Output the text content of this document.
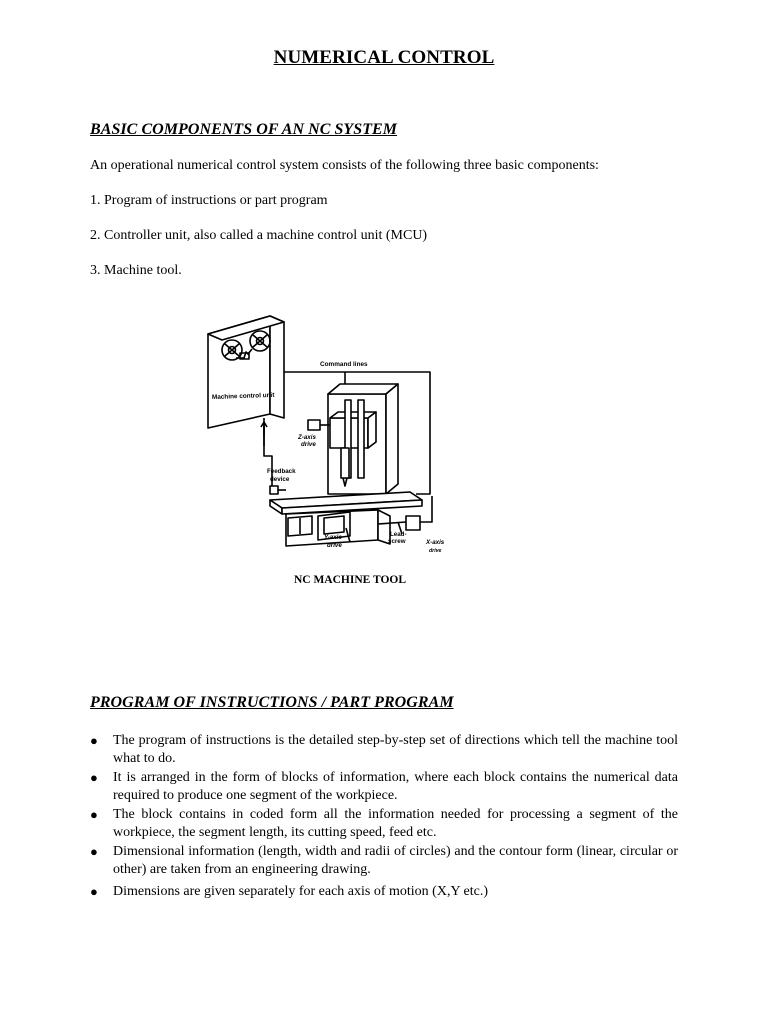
NUMERICAL CONTROL
BASIC COMPONENTS OF AN NC SYSTEM
An operational numerical control system consists of the following three basic components:
1. Program of instructions or part program
2. Controller unit, also called a machine control unit (MCU)
3. Machine tool.
Command lines
Machine control unit
Z-axis
drive
Feedback
device
Y-axis
drive
Lead-
screw	X-axis
drive
NC MACHINE TOOL
PROGRAM OF INSTRUCTIONS / PART PROGRAM
● The program of instructions is the detailed step-by-step set of directions which tell the machine tool what to do.
● It is arranged in the form of blocks of information, where each block contains the numerical data required to produce one segment of the workpiece.
● The block contains in coded form all the information needed for processing a segment of the workpiece, the segment length, its cutting speed, feed etc.
● Dimensional information (length, width and radii of circles) and the contour form (linear, circular or other) are taken from an engineering drawing.
● Dimensions are given separately for each axis of motion (X,Y etc.)
